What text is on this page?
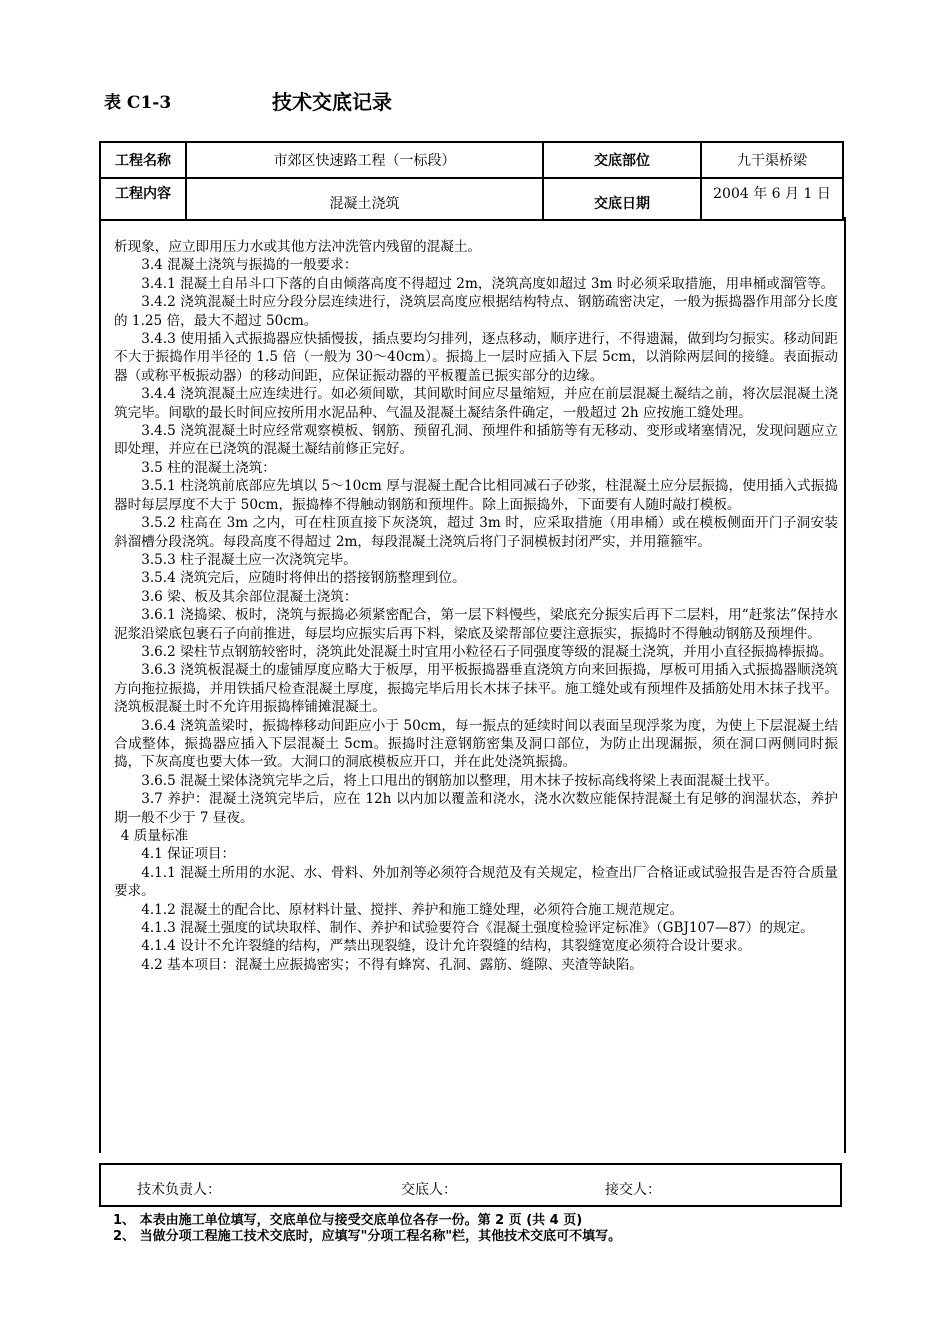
表 C1-3	技术交底记录
工程名称	市郊区快速路工程（一标段）	交底部位	九干渠桥梁
工程内容	混凝土浇筑	交底日期	2004 年 6 月 1 日

析现象，应立即用压力水或其他方法冲洗管内残留的混凝土。

3.4 混凝土浇筑与振捣的一般要求：

3.4.1 混凝土自吊斗口下落的自由倾落高度不得超过 2m，浇筑高度如超过 3m 时必须采取措施，用串桶或溜管等。

3.4.2 浇筑混凝土时应分段分层连续进行，浇筑层高度应根据结构特点、钢筋疏密决定，一般为振捣器作用部分长度的 1.25 倍，最大不超过 50cm。

3.4.3 使用插入式振捣器应快插慢拔，插点要均匀排列，逐点移动，顺序进行，不得遗漏，做到均匀振实。移动间距不大于振捣作用半径的 1.5 倍（一般为 30～40cm）。振捣上一层时应插入下层 5cm，以消除两层间的接缝。表面振动器（或称平板振动器）的移动间距，应保证振动器的平板覆盖已振实部分的边缘。

3.4.4 浇筑混凝土应连续进行。如必须间歇，其间歇时间应尽量缩短，并应在前层混凝土凝结之前，将次层混凝土浇筑完毕。间歇的最长时间应按所用水泥品种、气温及混凝土凝结条件确定，一般超过 2h 应按施工缝处理。

3.4.5 浇筑混凝土时应经常观察模板、钢筋、预留孔洞、预埋件和插筋等有无移动、变形或堵塞情况，发现问题应立即处理，并应在已浇筑的混凝土凝结前修正完好。

3.5 柱的混凝土浇筑：

3.5.1 柱浇筑前底部应先填以 5～10cm 厚与混凝土配合比相同减石子砂浆，柱混凝土应分层振捣，使用插入式振捣器时每层厚度不大于 50cm，振捣棒不得触动钢筋和预埋件。除上面振捣外，下面要有人随时敲打模板。

3.5.2 柱高在 3m 之内，可在柱顶直接下灰浇筑，超过 3m 时，应采取措施（用串桶）或在模板侧面开门子洞安装斜溜槽分段浇筑。每段高度不得超过 2m，每段混凝土浇筑后将门子洞模板封闭严实，并用箍箍牢。

3.5.3 柱子混凝土应一次浇筑完毕。

3.5.4 浇筑完后，应随时将伸出的搭接钢筋整理到位。

3.6 梁、板及其余部位混凝土浇筑：

3.6.1 浇捣梁、板时，浇筑与振捣必须紧密配合，第一层下料慢些，梁底充分振实后再下二层料，用“赶浆法”保持水泥浆沿梁底包裹石子向前推进，每层均应振实后再下料，梁底及梁帮部位要注意振实，振捣时不得触动钢筋及预埋件。

3.6.2 梁柱节点钢筋较密时，浇筑此处混凝土时宜用小粒径石子同强度等级的混凝土浇筑，并用小直径振捣棒振捣。

3.6.3 浇筑板混凝土的虚铺厚度应略大于板厚，用平板振捣器垂直浇筑方向来回振捣，厚板可用插入式振捣器顺浇筑方向拖拉振捣，并用铁插尺检查混凝土厚度，振捣完毕后用长木抹子抹平。施工缝处或有预埋件及插筋处用木抹子找平。浇筑板混凝土时不允许用振捣棒铺摊混凝土。

3.6.4 浇筑盖梁时，振捣棒移动间距应小于 50cm，每一振点的延续时间以表面呈现浮浆为度，为使上下层混凝土结合成整体，振捣器应插入下层混凝土 5cm。振捣时注意钢筋密集及洞口部位，为防止出现漏振，须在洞口两侧同时振捣，下灰高度也要大体一致。大洞口的洞底模板应开口，并在此处浇筑振捣。

3.6.5 混凝土梁体浇筑完毕之后，将上口甩出的钢筋加以整理，用木抹子按标高线将梁上表面混凝土找平。

3.7 养护：混凝土浇筑完毕后，应在 12h 以内加以覆盖和浇水，浇水次数应能保持混凝土有足够的润湿状态，养护期一般不少于 7 昼夜。

4 质量标准

4.1 保证项目：

4.1.1 混凝土所用的水泥、水、骨料、外加剂等必须符合规范及有关规定，检查出厂合格证或试验报告是否符合质量要求。

4.1.2 混凝土的配合比、原材料计量、搅拌、养护和施工缝处理，必须符合施工规范规定。

4.1.3 混凝土强度的试块取样、制作、养护和试验要符合《混凝土强度检验评定标准》（GBJ107—87）的规定。

4.1.4 设计不允许裂缝的结构，严禁出现裂缝，设计允许裂缝的结构，其裂缝宽度必须符合设计要求。

4.2 基本项目：混凝土应振捣密实；不得有蜂窝、孔洞、露筋、缝隙、夹渣等缺陷。

技术负责人：	交底人：	接交人：
1、 本表由施工单位填写，交底单位与接受交底单位各存一份。第 2 页 (共 4 页)
2、 当做分项工程施工技术交底时，应填写"分项工程名称"栏，其他技术交底可不填写。
